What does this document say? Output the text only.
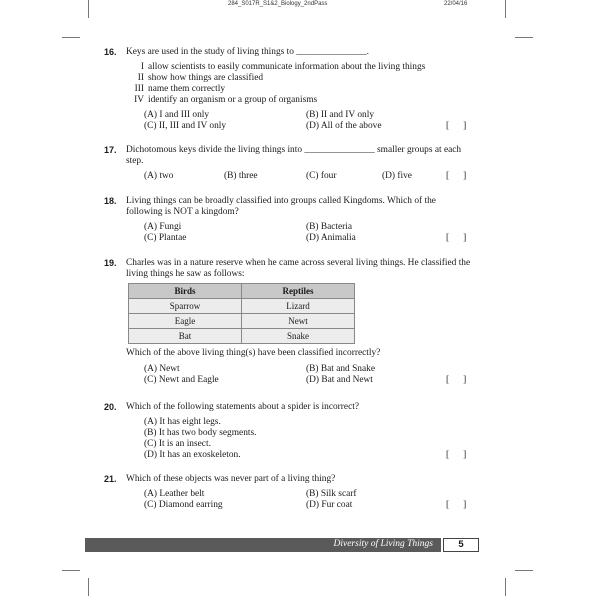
284_S017R_S1&2_Biology_2ndPass	22/04/16
16. Keys are used in the study of living things to _______________.

I allow scientists to easily communicate information about the living things
II show how things are classified
III name them correctly
IV identify an organism or a group of organisms
(A) I and III only	(B) II and IV only
(C) II, III and IV only	(D) All of the above	[      ]
17. Dichotomous keys divide the living things into _______________ smaller groups at each step.

(A) two	(B) three	(C) four	(D) five	[      ]
18. Living things can be broadly classified into groups called Kingdoms. Which of the following is NOT a kingdom?

(A) Fungi	(B) Bacteria
(C) Plantae	(D) Animalia	[      ]
19. Charles was in a nature reserve when he came across several living things. He classified the living things he saw as follows:

Birds	Reptiles
Sparrow	Lizard
Eagle	Newt
Bat	Snake

Which of the above living thing(s) have been classified incorrectly?

(A) Newt	(B) Bat and Snake
(C) Newt and Eagle	(D) Bat and Newt	[      ]
20. Which of the following statements about a spider is incorrect?

(A) It has eight legs.
(B) It has two body segments.
(C) It is an insect.
(D) It has an exoskeleton.	[      ]
21. Which of these objects was never part of a living thing?

(A) Leather belt	(B) Silk scarf
(C) Diamond earring	(D) Fur coat	[      ]
Diversity of Living Things	5
